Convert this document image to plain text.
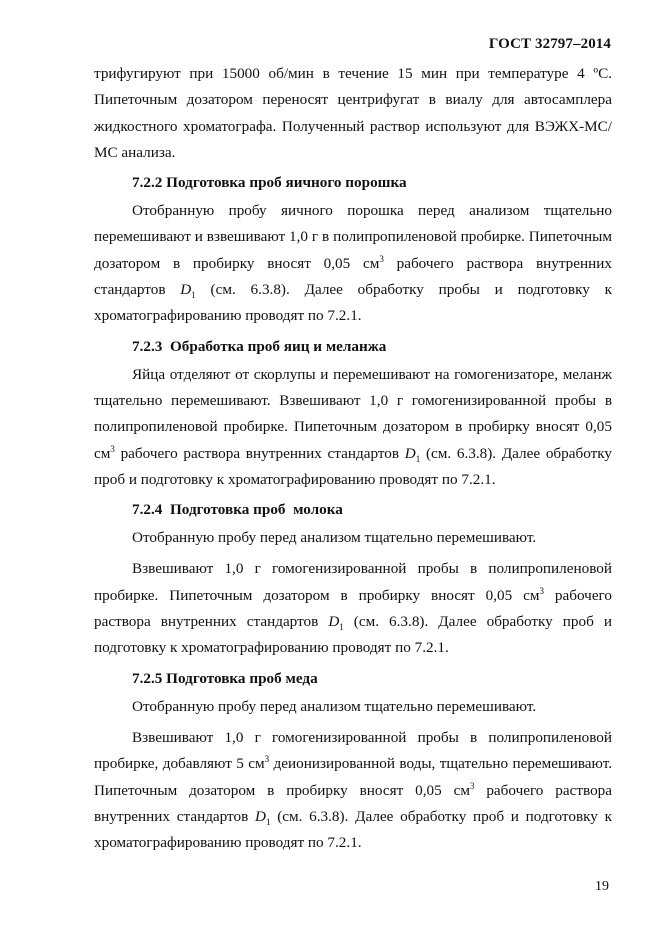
ГОСТ 32797–2014

трифугируют при 15000 об/мин в течение 15 мин при температуре 4 ºС. Пипеточным дозатором переносят центрифугат в виалу для автосамплера жидкостного хроматографа. Полученный раствор используют для ВЭЖХ-МС/МС анализа.

7.2.2 Подготовка проб яичного порошка

Отобранную пробу яичного порошка перед анализом тщательно перемешивают и взвешивают 1,0 г в полипропиленовой пробирке. Пипеточным дозатором в пробирку вносят 0,05 $см^3$ рабочего раствора внутренних стандартов $D_1$ (см. 6.3.8). Далее обработку пробы и подготовку к хроматографированию проводят по 7.2.1.

7.2.3  Обработка проб яиц и меланжа

Яйца отделяют от скорлупы и перемешивают на гомогенизаторе, меланж тщательно перемешивают. Взвешивают 1,0 г гомогенизированной пробы в полипропиленовой пробирке. Пипеточным дозатором в пробирку вносят 0,05 $см^3$ рабочего раствора внутренних стандартов $D_1$ (см. 6.3.8). Далее обработку проб и подготовку к хроматографированию проводят по 7.2.1.

7.2.4  Подготовка проб  молока

Отобранную пробу перед анализом тщательно перемешивают.

Взвешивают 1,0 г гомогенизированной пробы в полипропиленовой пробирке. Пипеточным дозатором в пробирку вносят 0,05 $см^3$ рабочего раствора внутренних стандартов $D_1$ (см. 6.3.8). Далее обработку проб и подготовку к хроматографированию проводят по 7.2.1.

7.2.5 Подготовка проб меда

Отобранную пробу перед анализом тщательно перемешивают.

Взвешивают 1,0 г гомогенизированной пробы в полипропиленовой пробирке, добавляют 5 $см^3$ деионизированной воды, тщательно перемешивают. Пипеточным дозатором в пробирку вносят 0,05 $см^3$ рабочего раствора внутренних стандартов $D_1$ (см. 6.3.8). Далее обработку проб и подготовку к хроматографированию проводят по 7.2.1.

19
